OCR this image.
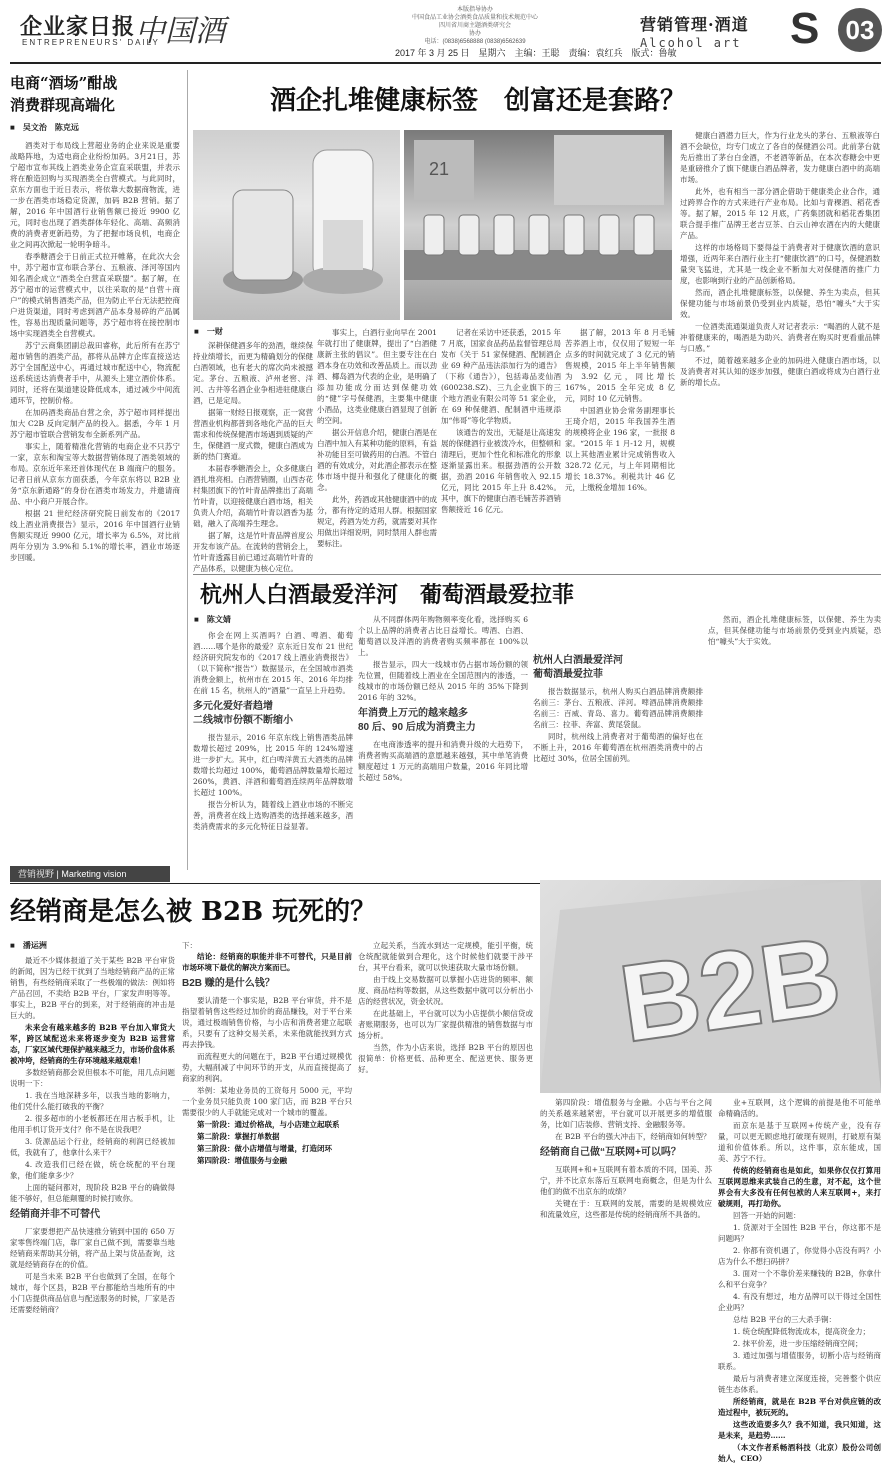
企业家日报 中国酒
ENTREPRENEURS' DAILY
本版指导协办
中国食品工业协会酒类食品质量和技术规范中心
四川省川商主题酒类研究会
协办
电话：(0838)6568888 (0838)6562639
营销管理·酒道
Alcohol art S 03
2017 年 3 月 25 日　星期六　主编：王聪　责编：袁红兵　版式：鲁敏
电商“酒场”酣战
消费群现高端化
■　吴文治　陈克远

酒类对于布局线上营超业务的企业来说是重要战略阵地，为适电商企业纷纷加码。3月21日，苏宁超市宣布其线上酒类业务企宣直采联盟，并表示将在酿造回购与买现酒类全白营模式。与此同时，京东方面也于近日表示，将依靠大数据商物流，进一步在酒类市场稳定货源，加码 B2B 营销。据了解，2016 年中国酒行业销售额已接近 9900 亿元，同时也出现了酒类群体年轻化、高端、高频消费的消费者更新趋势，为了把握市场良机，电商企业之间再次掀起一轮明争暗斗。

春季糖酒会于日前正式拉开帷幕，在此次大会中，苏宁超市宣布联合茅台、五粮液、泽河等国内知名酒企成立“酒类全白营直采联盟”。据了解，在苏宁超市的运营模式中，以往采取的是“自营＋商户”的模式销售酒类产品，但为防止平台无法把控商户进货渠道，同时考虑到酒产品本身易碎的产品属性，容易出现质量问题等，苏宁超市将在接控制市场中实现酒类全自营模式。

苏宁云商集团副总裁田睿称，此后所有在苏宁超市销售的酒类产品，都将从品牌方企库直接送达苏宁全国配送中心，再通过城市配送中心，物流配送系统送达消费者手中，从源头上建立酒价体系。同时，还将在渠道建设降低成本，通过减少中间流通环节，控制价格。

在加码酒类商品自营之余，苏宁超市同样提出加大 C2B 反向定制产品的投入。据悉，今年 1 月苏宁超市管联合营销发布全新系列产品。

事实上，随着精准化营销的电商企业不只苏宁一家，京东和淘宝等大数据营销体现了酒类领域的布局。京东近年来还首体现代在 B 端商户的服务。记者日前从京东方面获悉，今年京东将以 B2B 业务“京东新通路”的身份在酒类市场发力，并邀请商品、中小商户开展合作。

根据 21 世纪经济研究院日前发布的《2017 线上酒业消费报告》显示，2016 年中国酒行业销售额实现近 9900 亿元，增长率为 6.5%，对比前两年分别为 3.9%和 5.1%的增长率，酒业市场逐步回暖。

酒企扎堆健康标签　创富还是套路？
21
■　一财

深耕保健酒多年的劲酒，继续保持业绩增长，而更为精确划分的保健白酒领域，也有老大的席次尚未被撼定。茅台、五粮液、泸州老窖、洋河、古井等名酒企业争相进驻健康白酒，已是定局。

据第一财经日报观察，正一窝营营酒业机构都普到各地化产品的巨大需求和传统保健酒市场遇到质疑的产生，保健酒一度式微，健康白酒成为新的热门赛道。

本届春季糖酒会上，众多健康白酒扎堆亮相。白酒营销圈，山西杏花村集团旗下的竹叶青品牌推出了高端竹叶青，以迎接健康白酒市场，相关负责人介绍，高端竹叶青以酒香为基础，融入了高端养生理念。

据了解，这是竹叶青品牌首度公开发布该产品。在流转的营销会上，竹叶青透露目前已通过高端竹叶青的产品体系，以健康为核心定位。

事实上，白酒行业向早在 2001 年就打出了健康牌，提出了“白酒健康新主张的倡议”。但主要专注在白酒本身在功效和改善品质上。而以劲酒、椰岛酒为代表的企业，是明确了添加功能成分而达到保健功效的“健”字号保健酒，主要集中健康小酒品，这类业健康白酒显现了创新的空间。

据公开信息介绍，健康白酒是在白酒中加入有某种功能的原料，有益补功能目至可做药用的白酒。不管白酒的有效成分，对此酒企都表示在整体市场中提升和强化了健康化的概念。

此外，药酒或其他健康酒中的成分，都有待定的适用人群。根据国家规定，药酒为处方药，就需要对其作用做出详细说明，同时禁用人群也需要标注。

记者在采访中还获悉，2015 年 7 月底，国家食品药品监督管理总局发布《关于 51 家保健酒、配制酒企业 69 种产品违法添加行为的通告》（下称《通告》），包括毒品麦仙酒 (600238.SZ)、三九企业旗下的三个地方酒业有限公司等 51 家企业，在 69 种保健酒、配制酒中违规添加“伟哥”等化学物质。

该通告的发出，无疑是让高速发展的保健酒行业被泼冷水，但整顿和清理后，更加个性化和标准化的形象逐渐显露出来。根据劲酒的公开数据，劲酒 2016 年销售收入 92.15 亿元，同比 2015 年上升 8.42%。其中，旗下的健康白酒毛铺苦荞酒销售额接近 16 亿元。

据了解，2013 年 8 月毛铺苦荞酒上市，仅仅用了短短一年点多的时间就完成了 3 亿元的销售规模，2015 年上半年销售额为 3.92 亿元，同比增长 167%，2015 全年完成 8 亿元，同时 10 亿元销售。

中国酒业协会常务副理事长王琦介绍，2015 年我国养生酒的规模将企业 196 家，一批报 8 家。“2015 年 1 月-12 月，规模以上其他酒业累计完成销售收入 328.72 亿元，与上年同期相比增长 18.37%。利税共计 46 亿元，上缴税金增加 16%。

健康白酒潜力巨大，作为行业龙头的茅台、五粮液等白酒不会缺位，均专门成立了各自的保健酒公司。此前茅台就先后推出了茅台白金酒，不老酒等新品，在本次春糖会中更是重磅推介了旗下健康白酒品牌者，发力健康白酒中的高端市场。

此外，也有相当一部分酒企借助于健康类企业合作，通过跨界合作的方式来进行产业布局。比如与青稞酒、稻花香等。据了解，2015 年 12 月底，广药集团就和稻花香集团联合提手推广品牌王老吉豆茶、白云山神农酒在内的大健康产品。

这样的市场格局下要得益于消费者对于健康饮酒的意识增强，近两年来白酒行业主打“健康饮酒”的口号，保健酒数量突飞猛进，尤其是一线企业不断加大对保健酒的推广力度，也影响到行业的产品创新格局。

然而，酒企扎堆健康标签，以保健、养生为卖点，但其保健功能与市场前景仍受到业内质疑，恐怕“噱头”大于实效。

一位酒类流通渠道负责人对记者表示：“喝酒的人就不是冲着健康来的，喝酒是为助兴、消费者在购买时更看重品牌与口感。”

不过，随着越来越多企业的加码进入健康白酒市场，以及消费者对其认知的逐步加强，健康白酒或将成为白酒行业新的增长点。

杭州人白酒最爱洋河　葡萄酒最爱拉菲
■　陈文婧

你会在网上买酒吗？白酒、啤酒、葡萄酒……哪个是你的最爱？京东近日发布 21 世纪经济研究院发布的《2017 线上酒业消费报告》（以下简称“报告”）数据显示，在全国城市酒类消费金额上，杭州市在 2015 年、2016 年均排在前 15 名，杭州人的“酒量”一直呈上升趋势。

多元化爱好者趋增
二线城市份额不断缩小

报告显示，2016 年京东线上销售酒类品牌数增长超过 209%，比 2015 年的 124%增速进一步扩大。其中，红白啤洋黄五大酒类的品牌数增长均超过 100%，葡萄酒品牌数量增长超过 260%，黄酒、洋酒和葡萄酒连续两年品牌数增长超过 100%。

报告分析认为，随着线上酒业市场的不断完善，消费者在线上选购酒类的选择越来越多，酒类消费需求的多元化特征日益显著。

从不同群体两年购物频率变化看，选择购买 6 个以上品牌的消费者占比日益增长。啤酒、白酒、葡萄酒以及洋酒的消费者购买频率都在 100%以上。

报告显示，四大一线城市仍占据市场份额的领先位置，但随着线上酒业在全国范围内的渗透，一线城市的市场份额已经从 2015 年的 35%下降到 2016 年的 32%。

年消费上万元的越来越多
80 后、90 后成为消费主力

在电商渗透率的提升和消费升级的大趋势下，消费者购买高端酒的意愿越来越强，其中单笔消费额度超过 1 万元的高端用户数量，2016 年同比增长超过 58%。

杭州人白酒最爱洋河
葡萄酒最爱拉菲

报告数据显示，杭州人购买白酒品牌消费额排名前三：茅台、五粮液、洋河。啤酒品牌消费额排名前三：百威、青岛、喜力。葡萄酒品牌消费额排名前三：拉菲、奔富、黄尾袋鼠。

同时，杭州线上消费者对于葡萄酒的偏好也在不断上升，2016 年葡萄酒在杭州酒类消费中的占比超过 30%，位居全国前列。

然而，酒企扎堆健康标签，以保健、养生为卖点，但其保健功能与市场前景仍受到业内质疑，恐怕“噱头”大于实效。

营销视野 | Marketing vision
经销商是怎么被 B2B 玩死的？
B2B
■　潘运洲

最近不少媒体报道了关于某些 B2B 平台审货的新闻，因为已经干扰到了当地经销商产品的正常销售，有些经销商采取了一些极端的做法：例如将产品召回，不卖给 B2B 平台，厂家发声明等等。事实上，B2B 平台的到来，对于经销商的冲击是巨大的。

未来会有越来越多的 B2B 平台加入窜货大军，跨区域配送未来将逐步变为 B2B 运营常态，厂家区域代理保护越来越乏力，市场价盘体系被冲垮，经销商的生存环境越来越艰难！

多数经销商都会说但根本不可能，用几点问题说明一下：

1. 我在当地深耕多年，以我当地的影响力，他们凭什么能打破我的平衡？

2. 很多超市的小老板都还在用古板手机，让他用手机订货开支付？你不是在说我吧？

3. 货源品运个行业，经销商的利润已经被加低，我就有了，他拿什么来干？

4. 改造我们已经在做，统仓统配的平台现象，他们能拿多少？

上面的疑问都对，现阶段 B2B 平台的确做得能不够好，但总能颠覆的时候打败你。

经销商并非不可替代

厂家要想把产品快速推分销到中国的 650 万家零售终端门店，靠厂家自己做不到，需要靠当地经销商来帮助其分销，将产品上架与货品查询，这就是经销商存在的价值。

可是当未来 B2B 平台也做到了全国，在每个城市，每个区县，B2B 平台都能给当地所有的中小门店提供商品信息与配送服务的时候，厂家是否还需要经销商？

下：

结论：经销商的职能并非不可替代，只是目前市场环境下最优的解决方案而已。

B2B 赚的是什么钱？

要认清楚一个事实是，B2B 平台审货，并不是指望着销售这些经过加价的商品赚钱，对于平台来说，通过极端销售价格，与小店和消费者建立起联系，只要有了这种交易关系，未来他就能找到方式再去挣钱。

而流程更大的问题在于，B2B 平台通过规模优势，大幅削减了中间环节的开支，从而直接提高了商家的利润。

举例：某地业务员的工资每月 5000 元，平均一个业务员只能负责 100 家门店，而 B2B 平台只需要很少的人手就能完成对一个城市的覆盖。

第一阶段：通过价格战，与小店建立起联系

第二阶段：掌握打单数据

第三阶段：做小店增值与增量，打造闭环

第四阶段：增值服务与金融

立起关系，当流水到达一定规模，能引平衡，统仓统配就能做到合理化，这个时候他们就要干涉平台，其平台看来，就可以快速获取大量市场份额。

由于线上交易数据可以掌握小店进货的频率、额度、商品结构等数据，从这些数据中就可以分析出小店的经营状况，资金状况。

在此基础上，平台就可以为小店提供小额信贷或者账期服务，也可以为厂家提供精准的销售数据与市场分析。

当然，作为小店来说，选择 B2B 平台的原因也很简单：价格更低、品种更全、配送更快、服务更好。

第四阶段：增值服务与金融。小店与平台之间的关系越来越紧密，平台就可以开展更多的增值服务，比如门店装修、营销支持、金融服务等。

在 B2B 平台的强大冲击下，经销商如何转型？

经销商自己做“互联网+可以吗？

互联网+和+互联网有着本质的不同，国美、苏宁，并不比京东落后互联网电商概念，但是为什么他们的做不出京东的成绩？

关键在于：互联网的发展，需要的是规模效应和流量效应，这些都是传统的经销商所不具备的。

业+互联网，这个逻辑的前提是他不可能单命精确活的。

而京东是基于互联网+传统产业，没有存量，可以更无顾虑地打破现有规则，打破原有渠道和价值体系。所以，这件事，京东能成，国美、苏宁不行。

传统的经销商也是如此，如果你仅仅打算用互联网思维来武装自己的生意，对不起，这个世界会有大多没有任何包袱的人来互联网+，来打破规则，再打劫你。

回答一开始的问题：

1. 货源对于全国性 B2B 平台，你这都不是问题吗？

2. 你都有资机遇了，你觉得小店没有吗？小店为什么不想扫码拼？

3. 面对一个不靠价差来赚钱的 B2B，你拿什么和平台竞争？

4. 有没有想过，地方品牌可以干得过全国性企业吗？

总结 B2B 平台的三大杀手锏：

1. 统仓统配降低物流成本，提高资金力；

2. 抹平价差，进一步压缩经销商空间；

3. 通过加强与增值服务，切断小店与经销商联系。

最后与消费者建立深度连接，完善整个供应链生态体系。

所经销商，就是在 B2B 平台对供应链的改造过程中，被玩死的。

这些改造要多久？我不知道，我只知道，这是未来，是趋势……

（本文作者系畅酒科技（北京）股份公司创始人，CEO）
